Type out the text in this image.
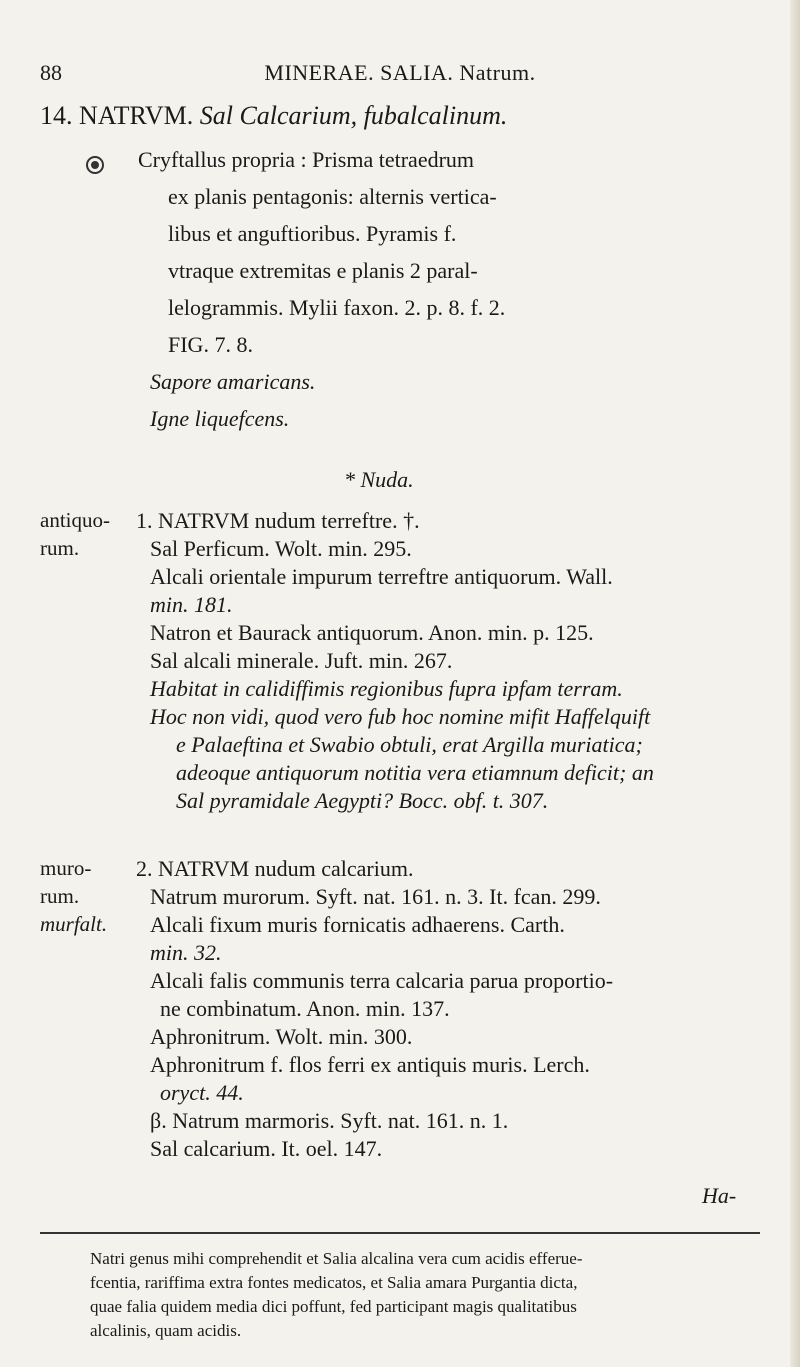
88	MINERAE. SALIA. Natrum.
14. NATRVM. Sal Calcarium, fubalcalinum.
Cryftallus propria : Prisma tetraedrum
ex planis pentagonis: alternis vertica-
libus et anguftioribus. Pyramis f.
vtraque extremitas e planis 2 paral-
lelogrammis. Mylii faxon. 2. p. 8. f. 2.
FIG. 7. 8.
Sapore amaricans.
Igne liquefcens.
* Nuda.
antiquo-
rum.
1. NATRVM nudum terreftre. †.
Sal Perficum. Wolt. min. 295.
Alcali orientale impurum terreftre antiquorum. Wall.
min. 181.
Natron et Baurack antiquorum. Anon. min. p. 125.
Sal alcali minerale. Juft. min. 267.
Habitat in calidiffimis regionibus fupra ipfam terram.
Hoc non vidi, quod vero fub hoc nomine mifit Haffelquift
e Palaeftina et Swabio obtuli, erat Argilla muriatica;
adeoque antiquorum notitia vera etiamnum deficit; an
Sal pyramidale Aegypti? Bocc. obf. t. 307.
muro-
rum.
murfalt.
2. NATRVM nudum calcarium.
Natrum murorum. Syft. nat. 161. n. 3. It. fcan. 299.
Alcali fixum muris fornicatis adhaerens. Carth.
min. 32.
Alcali falis communis terra calcaria parua proportio-
ne combinatum. Anon. min. 137.
Aphronitrum. Wolt. min. 300.
Aphronitrum f. flos ferri ex antiquis muris. Lerch.
oryct. 44.
β. Natrum marmoris. Syft. nat. 161. n. 1.
Sal calcarium. It. oel. 147.
Ha-
Natri genus mihi comprehendit et Salia alcalina vera cum acidis efferue-
fcentia, rariffima extra fontes medicatos, et Salia amara Purgantia dicta,
quae falia quidem media dici poffunt, fed participant magis qualitatibus
alcalinis, quam acidis.
